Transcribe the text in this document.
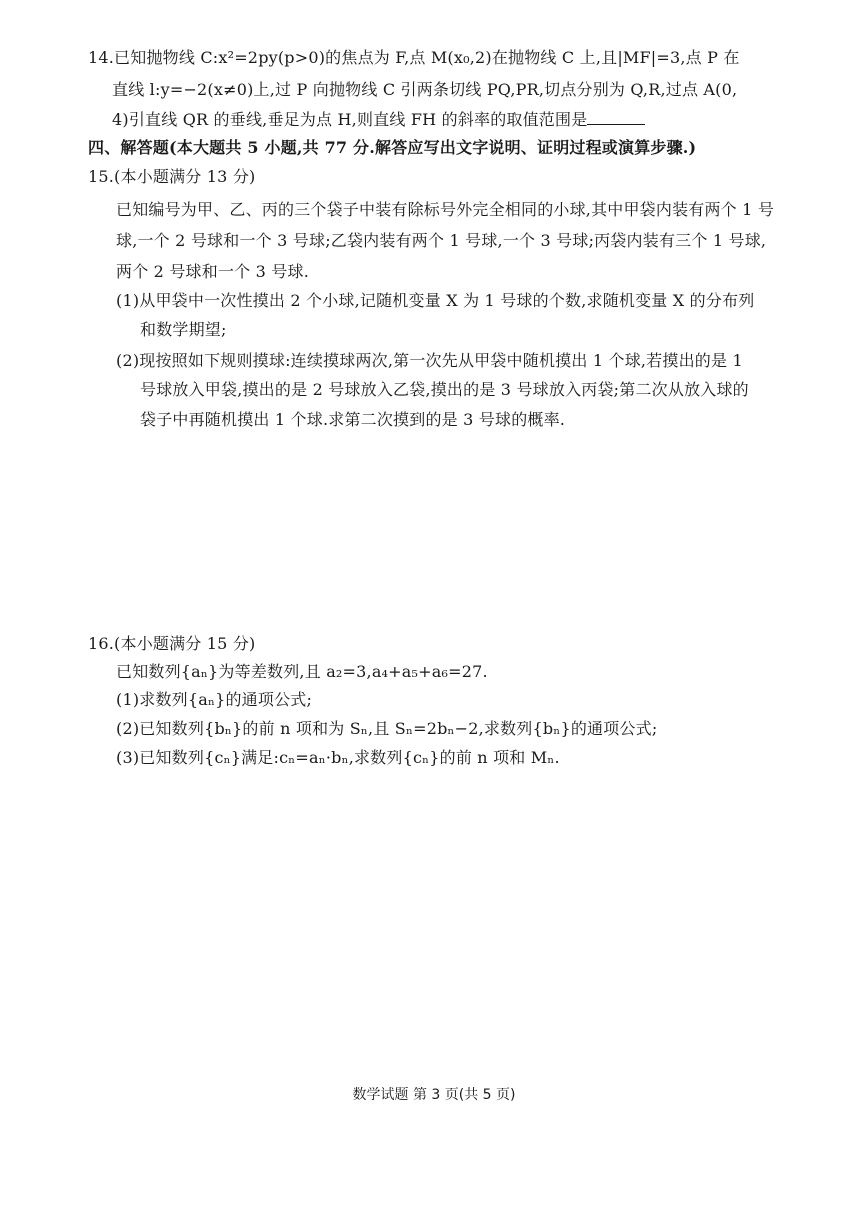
14.已知抛物线 C:x²=2py(p>0)的焦点为 F,点 M(x₀,2)在抛物线 C 上,且|MF|=3,点 P 在
直线 l:y=−2(x≠0)上,过 P 向抛物线 C 引两条切线 PQ,PR,切点分别为 Q,R,过点 A(0,
4)引直线 QR 的垂线,垂足为点 H,则直线 FH 的斜率的取值范围是
四、解答题(本大题共 5 小题,共 77 分.解答应写出文字说明、证明过程或演算步骤.)
15.(本小题满分 13 分)
已知编号为甲、乙、丙的三个袋子中装有除标号外完全相同的小球,其中甲袋内装有两个 1 号
球,一个 2 号球和一个 3 号球;乙袋内装有两个 1 号球,一个 3 号球;丙袋内装有三个 1 号球,
两个 2 号球和一个 3 号球.
(1)从甲袋中一次性摸出 2 个小球,记随机变量 X 为 1 号球的个数,求随机变量 X 的分布列
和数学期望;
(2)现按照如下规则摸球:连续摸球两次,第一次先从甲袋中随机摸出 1 个球,若摸出的是 1
号球放入甲袋,摸出的是 2 号球放入乙袋,摸出的是 3 号球放入丙袋;第二次从放入球的
袋子中再随机摸出 1 个球.求第二次摸到的是 3 号球的概率.
16.(本小题满分 15 分)
已知数列{aₙ}为等差数列,且 a₂=3,a₄+a₅+a₆=27.
(1)求数列{aₙ}的通项公式;
(2)已知数列{bₙ}的前 n 项和为 Sₙ,且 Sₙ=2bₙ−2,求数列{bₙ}的通项公式;
(3)已知数列{cₙ}满足:cₙ=aₙ·bₙ,求数列{cₙ}的前 n 项和 Mₙ.
数学试题 第 3 页(共 5 页)
